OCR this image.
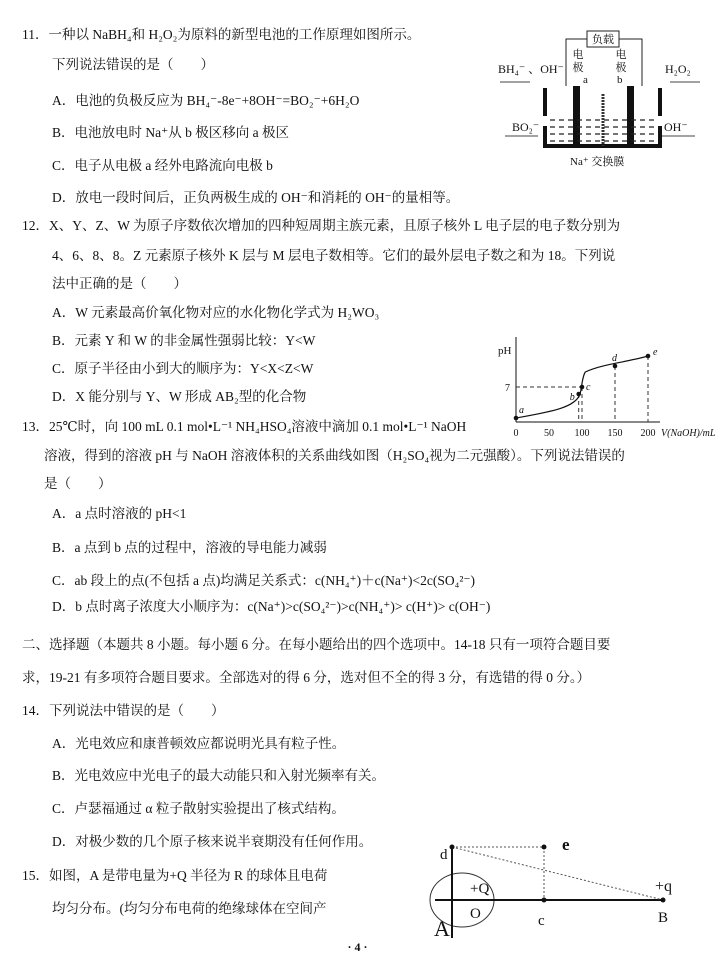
11．一种以 NaBH₄和 H₂O₂为原料的新型电池的工作原理如图所示。
下列说法错误的是（　　）
A．电池的负极反应为 BH₄⁻-8e⁻+8OH⁻=BO₂⁻+6H₂O
B．电池放电时 Na⁺从 b 极区移向 a 极区
C．电子从电极 a 经外电路流向电极 b
D．放电一段时间后，正负两极生成的 OH⁻和消耗的 OH⁻的量相等。
负载
电
极
a
电
极
b
BH₄⁻ 、OH⁻	H₂O₂
BO₂⁻	OH⁻
Na⁺ 交换膜
12．X、Y、Z、W 为原子序数依次增加的四种短周期主族元素，且原子核外 L 电子层的电子数分别为
4、6、8、8。Z 元素原子核外 K 层与 M 层电子数相等。它们的最外层电子数之和为 18。下列说
法中正确的是（　　）
A．W 元素最高价氧化物对应的水化物化学式为 H₂WO₃
B．元素 Y 和 W 的非金属性强弱比较：Y<W
C．原子半径由小到大的顺序为：Y<X<Z<W
D．X 能分别与 Y、W 形成 AB₂型的化合物
pH
V(NaOH)/mL
0	50 100 150 200
7
a
b
c
d
e
13．25℃时，向 100 mL 0.1 mol•L⁻¹ NH₄HSO₄溶液中滴加 0.1 mol•L⁻¹ NaOH
溶液，得到的溶液 pH 与 NaOH 溶液体积的关系曲线如图（H₂SO₄视为二元强酸）。下列说法错误的
是（　　）
A．a 点时溶液的 pH<1
B．a 点到 b 点的过程中，溶液的导电能力减弱
C．ab 段上的点(不包括 a 点)均满足关系式：c(NH₄⁺)＋c(Na⁺)<2c(SO₄²⁻)
D．b 点时离子浓度大小顺序为：c(Na⁺)>c(SO₄²⁻)>c(NH₄⁺)> c(H⁺)> c(OH⁻)
二、选择题（本题共 8 小题。每小题 6 分。在每小题给出的四个选项中。14-18 只有一项符合题目要
求，19-21 有多项符合题目要求。全部选对的得 6 分，选对但不全的得 3 分，有选错的得 0 分。）
14．下列说法中错误的是（　　）
A．光电效应和康普顿效应都说明光具有粒子性。
B．光电效应中光电子的最大动能只和入射光频率有关。
C．卢瑟福通过 α 粒子散射实验提出了核式结构。
D．对极少数的几个原子核来说半衰期没有任何作用。
15．如图，A 是带电量为+Q 半径为 R 的球体且电荷
均匀分布。(均匀分布电荷的绝缘球体在空间产
d
e
+Q
O
A	c
+q
B
· 4 ·
